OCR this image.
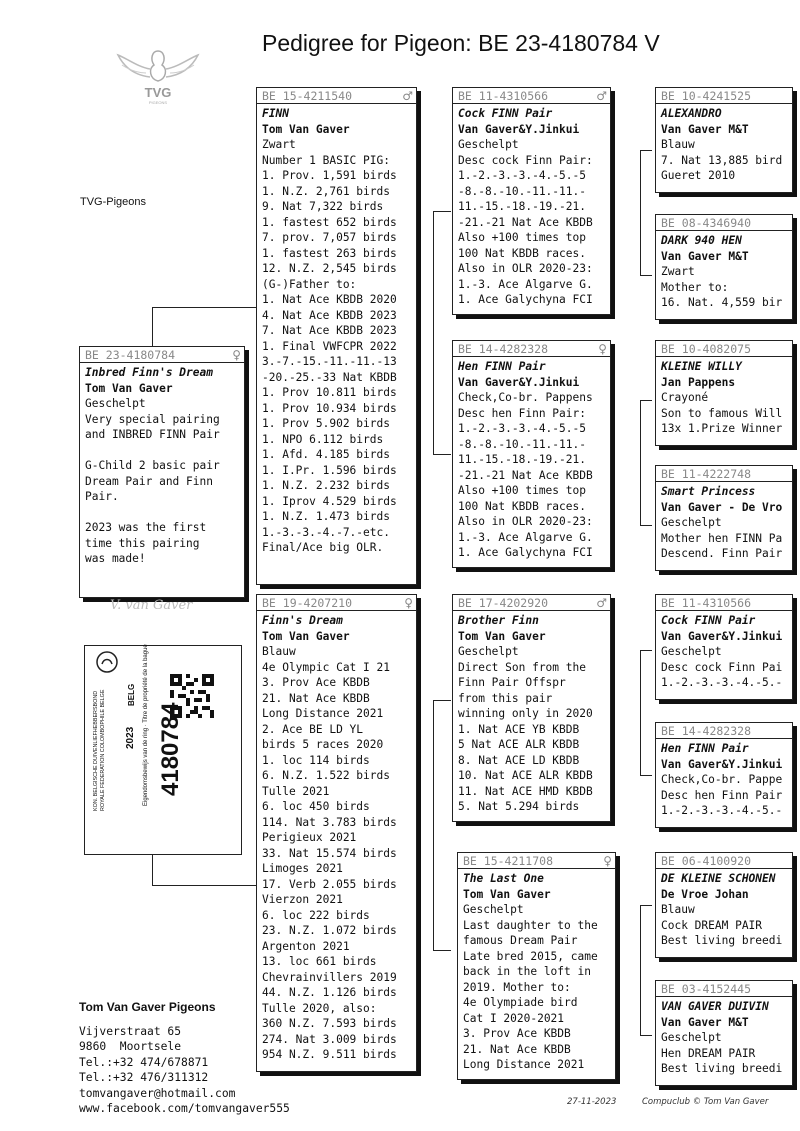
Pedigree for Pigeon: BE 23-4180784 V
TVG
PIGEONS
TVG-Pigeons
BE 23-4180784	♀
Inbred Finn's Dream
Tom Van Gaver
Geschelpt
Very special pairing
and INBRED FINN Pair

G-Child 2 basic pair
Dream Pair and Finn
Pair.

2023 was the first
time this pairing
was made!
V. van Gaver
KON. BELGISCHE DUIVENLIEFHEBBERSBOND
ROYALE FEDERATION COLOMBOPHILE BELGE	BELG
2023 4180784
Eigendomsbewijs van de ring · Titre de propriété de la bague
BE 15-4211540	♂
FINN
Tom Van Gaver
Zwart
Number 1 BASIC PIG:
1. Prov. 1,591 birds
1. N.Z. 2,761 birds
9. Nat 7,322 birds
1. fastest 652 birds
7. prov. 7,057 birds
1. fastest 263 birds
12. N.Z. 2,545 birds
(G-)Father to:
1. Nat Ace KBDB 2020
4. Nat Ace KBDB 2023
7. Nat Ace KBDB 2023
1. Final VWFCPR 2022
3.-7.-15.-11.-11.-13
-20.-25.-33 Nat KBDB
1. Prov 10.811 birds
1. Prov 10.934 birds
1. Prov 5.902 birds
1. NPO 6.112 birds
1. Afd. 4.185 birds
1. I.Pr. 1.596 birds
1. N.Z. 2.232 birds
1. Iprov 4.529 birds
1. N.Z. 1.473 birds
1.-3.-3.-4.-7.-etc.
Final/Ace big OLR.
BE 19-4207210	♀
Finn's Dream
Tom Van Gaver
Blauw
4e Olympic Cat I 21
3. Prov Ace KBDB
21. Nat Ace KBDB
Long Distance 2021
2. Ace BE LD YL
birds 5 races 2020
1. loc 114 birds
6. N.Z. 1.522 birds
Tulle 2021
6. loc 450 birds
114. Nat 3.783 birds
Perigieux 2021
33. Nat 15.574 birds
Limoges 2021
17. Verb 2.055 birds
Vierzon 2021
6. loc 222 birds
23. N.Z. 1.072 birds
Argenton 2021
13. loc 661 birds
Chevrainvillers 2019
44. N.Z. 1.126 birds
Tulle 2020, also:
360 N.Z. 7.593 birds
274. Nat 3.009 birds
954 N.Z. 9.511 birds
BE 11-4310566	♂
Cock FINN Pair
Van Gaver&Y.Jinkui
Geschelpt
Desc cock Finn Pair:
1.-2.-3.-3.-4.-5.-5
-8.-8.-10.-11.-11.-
11.-15.-18.-19.-21.
-21.-21 Nat Ace KBDB
Also +100 times top
100 Nat KBDB races.
Also in OLR 2020-23:
1.-3. Ace Algarve G.
1. Ace Galychyna FCI
BE 14-4282328	♀
Hen FINN Pair
Van Gaver&Y.Jinkui
Check,Co-br. Pappens
Desc hen Finn Pair:
1.-2.-3.-3.-4.-5.-5
-8.-8.-10.-11.-11.-
11.-15.-18.-19.-21.
-21.-21 Nat Ace KBDB
Also +100 times top
100 Nat KBDB races.
Also in OLR 2020-23:
1.-3. Ace Algarve G.
1. Ace Galychyna FCI
BE 17-4202920	♂
Brother Finn
Tom Van Gaver
Geschelpt
Direct Son from the
Finn Pair Offspr
from this pair
winning only in 2020
1. Nat ACE YB KBDB
5 Nat ACE ALR KBDB
8. Nat ACE LD KBDB
10. Nat ACE ALR KBDB
11. Nat ACE HMD KBDB
5. Nat 5.294 birds
BE 15-4211708	♀
The Last One
Tom Van Gaver
Geschelpt
Last daughter to the
famous Dream Pair
Late bred 2015, came
back in the loft in
2019. Mother to:
4e Olympiade bird
Cat I 2020-2021
3. Prov Ace KBDB
21. Nat Ace KBDB
Long Distance 2021
BE 10-4241525
ALEXANDRO
Van Gaver M&T
Blauw
7. Nat 13,885 bird
Gueret 2010
BE 08-4346940
DARK 940 HEN
Van Gaver M&T
Zwart
Mother to:
16. Nat. 4,559 bir
BE 10-4082075
KLEINE WILLY
Jan Pappens
Crayoné
Son to famous Will
13x 1.Prize Winner
BE 11-4222748
Smart Princess
Van Gaver - De Vro
Geschelpt
Mother hen FINN Pa
Descend. Finn Pair
BE 11-4310566
Cock FINN Pair
Van Gaver&Y.Jinkui
Geschelpt
Desc cock Finn Pai
1.-2.-3.-3.-4.-5.-
BE 14-4282328
Hen FINN Pair
Van Gaver&Y.Jinkui
Check,Co-br. Pappe
Desc hen Finn Pair
1.-2.-3.-3.-4.-5.-
BE 06-4100920
DE KLEINE SCHONEN
De Vroe Johan
Blauw
Cock DREAM PAIR
Best living breedi
BE 03-4152445
VAN GAVER DUIVIN
Van Gaver M&T
Geschelpt
Hen DREAM PAIR
Best living breedi
Tom Van Gaver Pigeons
Vijverstraat 65
9860  Moortsele
Tel.:+32 474/678871
Tel.:+32 476/311312
tomvangaver@hotmail.com
www.facebook.com/tomvangaver555	27-11-2023	Compuclub © Tom Van Gaver
